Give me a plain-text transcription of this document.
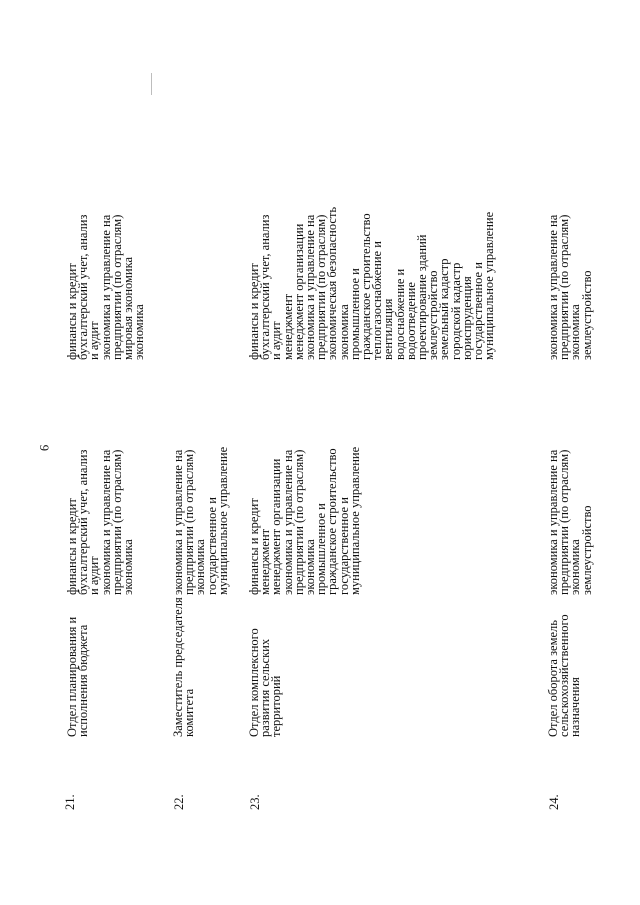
9
21.
Отдел планирования и
исполнения бюджета
финансы и кредит
бухгалтерский учет, анализ
и аудит
экономика и управление на
предприятии (по отраслям)
экономика
финансы и кредит
бухгалтерский учет, анализ
и аудит
экономика и управление на
предприятии (по отраслям)
мировая экономика
экономика
22.
Заместитель председателя
комитета
экономика и управление на
предприятии (по отраслям)
экономика
государственное и
муниципальное управление
23.
Отдел комплексного
развития сельских
территорий
финансы и кредит
менеджмент
менеджмент организации
экономика и управление на
предприятии (по отраслям)
экономика
промышленное и
гражданское строительство
государственное и
муниципальное управление
финансы и кредит
бухгалтерский учет, анализ
и аудит
менеджмент
менеджмент организации
экономика и управление на
предприятии (по отраслям)
экономическая безопасность
экономика
промышленное и
гражданское строительство
теплогазоснабжение и
вентиляция
водоснабжение и
водоотведение
проектирование зданий
землеустройство
земельный кадастр
городской кадастр
юриспруденция
государственное и
муниципальное управление
24.
Отдел оборота земель
сельскохозяйственного
назначения
экономика и управление на
предприятии (по отраслям)
экономика
землеустройство
экономика и управление на
предприятии (по отраслям)
экономика
землеустройство
